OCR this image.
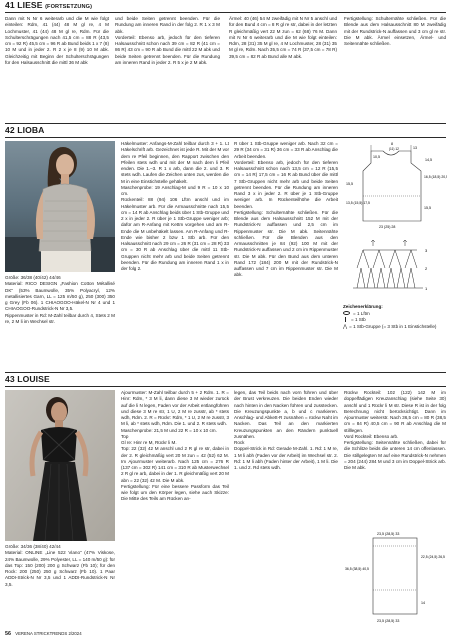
41 LIESE (FORTSETZUNG)
Dann mit N Nr 6 weiterarb und die M wie folgt einteilen: Rdm, 41 (44) 48 M gl re, 4 M Lochmuster, 41 (44) 48 M gl re, Rdm. Für die Schulterschrägungen nach 41,5 cm = 88 R (43,5 cm = 92 R) 45,5 cm = 96 R ab Bund beids 1 x 7 (8) 10 M und in jeder 2. R 2 x je 8 (9) 10 M abk. Gleichzeitig mit Beginn der Schulterschrägungen für den Halsausschnitt die mittl 36 M abk
und beide Seiten getrennt beenden. Für die Rundung am inneren Rand in der folg 2. R 1 x 3 M abk.
Vorderteil: Ebenso arb, jedoch für den tieferen Halsausschnitt schon nach 39 cm = 82 R (41 cm = 86 R) 43 cm = 90 R ab Bund die mittl 22 M abk und beide Seiten getrennt beenden. Für die Rundung am inneren Rand in jeder 2. R 5 x je 2 M abk.
Ärmel: 40 (46) 54 M zweifädig mit N Nr 5 anschl und für den Bund 4 cm = 8 R gl re str, dabei in der letzten R gleichmäßig vert 22 M zun = 62 (68) 76 M. Dann mit N Nr 6 weiterarb und die M wie folgt einteilen: Rdm, 28 (31) 35 M gl re, 4 M Lochmuster, 28 (31) 35 M gl re, Rdm. Nach 35,5 cm = 74 R (37,5 cm = 78 R) 39,5 cm = 82 R ab Bund alle M abk.
Fertigstellung: Schulternähte schließen. Für die Blende aus dem Halsausschnitt 80 M zweifädig mit der Rundstrick-N auffassen und 3 cm gl re str. Die M abk. Ärmel einsetzen, Ärmel- und Seitennähte schließen.
42 LIOBA
Größe: 36/38 (40/42) 44/46
Material: RICO DESIGN „Fashion Cotton Métallisé DK" (53% Baumwolle, 35% Polyacryl, 12% metallisiertes Garn, LL = 125 m/50 g), 250 (300) 350 g Grey (Fb 06). 1 CHIAOGOO-Häkel-N Nr 4 und 1 CHIAOGOO-Rundstrick-N Nr 3,5.
Rippenmuster in Rd: M-Zahl teilbar durch 4, Stets 2 M re, 2 M li im Wechsel str.
Häkelmuster: Anfangs-M-Zahl teilbar durch 3 + 1. Lt Häkelschrift arb. Gezeichnet ist jede R. Mit der M vor dem re Pfeil beginnen, den Rapport zwischen den Pfeilen stets wdh und mit der M nach dem li Pfeil enden. Die 1.–3. R 1 x arb, dann die 2. und 3. R stets wdh. Laufen die Zeichen unten zus, werden die M in eine Einstichstelle gehäkelt.
Maschenprobe: 19 Anschlag-M und 9 R = 10 x 10 cm.
Rückenteil: 88 (94) 106 Lftm anschl und im Häkelmuster arb. Für die Armausschnitte nach 15,5 cm = 14 R ab Anschlag beids über 1 Stb-Gruppe und 2 x in jeder 2. R über je 1 Stb-Gruppe weniger arb; dafür am R-Anfang mit Kettm vorgehen und am R-Ende die M unbehäkelt lassen. Am R-Anfang und R-Ende wie bisher 2 bzw 1 Stb arb. Für den Halsausschnitt nach 29 cm = 26 R (31 cm = 28 R) 33 cm = 30 R ab Anschlag über die mittl 11 Stb-Gruppen nicht mehr arb und beide Seiten getrennt beenden. Für die Rundung am inneren Rand 1 x in der folg 2.
R über 1 Stb-Gruppe weniger arb. Nach 32 cm = 29 R (34 cm = 31 R) 36 cm = 33 R ab Anschlag die Arbeit beenden.
Vorderteil: Ebenso arb, jedoch für den tieferen Halsausschnitt schon nach 13,5 cm = 12 R (15,5 cm = 14 R) 17,5 cm = 16 R ab Bund über die mittl 7 Stb-Gruppen nicht mehr arb und beide Seiten getrennt beenden. Für die Rundung am inneren Rand 3 x in jeder 2. R über je 1 Stb-Gruppe weniger arb. In Rückenteilhöhe die Arbeit beenden.
Fertigstellung: Schulternähte schließen. Für die Blende aus dem Halsausschnitt 152 M mit der Rundstrick-N auffassen und 2,5 cm im Rippenmuster str. Die M abk. Seitennähte schließen. Für die Blenden aus den Armausschnitten je 84 (92) 100 M mit der Rundstrick-N auffassen und 2 cm im Rippenmuster str. Die M abk. Für den Bund aus dem unteren Rand 172 (184) 200 M mit der Rundstrick-N auffassen und 7 cm im Rippenmuster str. Die M abk.
10,5
8
(11) 12	13
14,5
15,5
13,5 (15,5) 17,5
16,5 (18,5) 20,5
15,5
23 (25) 28
3
2
1
Zeichenerklärung:
= 1 Lftm
= 1 Stb
⋀ = 1 Stb-Gruppe (= 3 Stb in 1 Einstichstelle)
43 LOUISE
Größe: 34/36 (38/40) 42/44
Material: ONLINE „Line 522 Viano" (47% Viskose, 24% Baumwolle, 29% Polyester, LL = 140 m/50 g): für das Top: 150 (200) 200 g Schwarz (Fb 10); für den Rock: 200 (250) 250 g Schwarz (Fb 10). 1 Paar ADDI-Strick-N Nr 3,5 und 1 ADDI-Rundstrick-N Nr 3,5.
Ajourmuster: M-Zahl teilbar durch 5 + 2 Rdm. 1. R = Hinr: Rdm, * 3 M li, dann diese 3 M wieder zurück auf die li N legen, Faden vor der Arbeit entlangführen und diese 3 M re str, 1 U, 2 M re zusstr, ab * stets wdh, Rdm. 2. R = Rückr: Rdm, * 1 U, 2 M re zusstr, 3 M li, ab * stets wdh, Rdm. Die 1. und 2. R stets wdh.
Maschenprobe: 21,5 M und 22 R = 10 x 10 cm.
Top
Gl re: Hinr re M, Rückr li M.
Top: 22 (32) 42 M anschl und 2 R gl re str, dabei in der 2. R gleichmäßig vert 20 M zun = 42 (52) 62 M. Im Ajourmuster weiterarb. Nach 125 cm = 276 R (137 cm = 302 R) 141 cm = 310 R ab Musterwechsel 2 R gl re arb, dabei in der 1. R gleichmäßig vert 20 M abn = 22 (32) 42 M. Die M abk.
Fertigstellung: Für eine bessere Passform das Teil wie folgt um den Körper legen, siehe auch Skizze: Die Mitte des Teils am Rücken an-
legen, das Teil beids nach vorn führen und über der Brust verkreuzen. Die beiden Enden wieder nach hinten in den Nacken führen und zusstecken. Die Kreuzungspunkte a, b und c markieren. Anschlag- und Abkett-R zusnähen = rückw Naht im Nacken. Das Teil an den markierten Kreuzungspunkten an den Rändern punktuell zusnähen.
Rock
Doppel-Strick in Rd: Gerade M-Zahl. 1. Rd: 1 M re, 1 M li abh (Faden vor der Arbeit) im Wechsel str. 2. Rd: 1 M li abh (Faden hinter der Arbeit), 1 M li. Die 1. und 2. Rd stets wdh.
Rückw Rockteil: 102 (122) 142 M im doppelfädigen Kreuzanschlag (siehe Seite 30) anschl und 1 Rückr li M str. Diese R ist in der folg Berechnung nicht berücksichtigt. Dann im Ajourmuster weiterstr. Nach 36,5 cm = 80 R (38,5 cm = 84 R) 40,5 cm = 90 R ab Anschlag die M stilllegen.
Vord Rockteil: Ebenso arb.
Fertigstellung: Seitennähte schließen, dabei für die Schlitze beids die unteren 14 cm offenlassen. Die stillgelegten M auf eine Rundstrick-N nehmen = 204 (244) 284 M und 3 cm im Doppel-Strick arb. Die M abk.
23,5 (28,5) 33
36,5 (38,5) 40,5
22,5 (24,5) 26,5
14
23,5 (28,5) 33
56 VERENA STRICKTRENDS 2/2024
